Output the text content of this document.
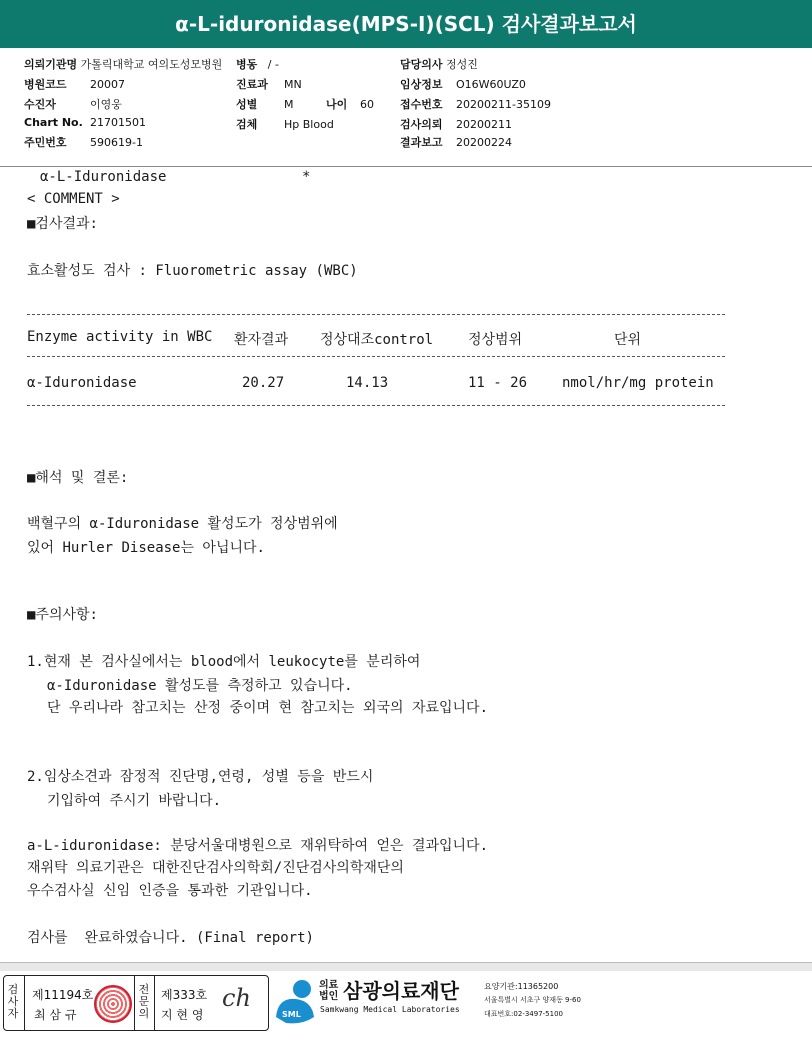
α-L-iduronidase(MPS-I)(SCL) 검사결과보고서
의뢰기관명 가톨릭대학교 여의도성모병원 병동 / -	담당의사 정성진
병원코드 20007	진료과 MN	임상정보 O16W60UZ0
수진자	이영웅	성별 M	나이 60 접수번호 20200211-35109
Chart No. 21701501	검체 Hp Blood	검사의뢰 20200211
주민번호 590619-1	결과보고 20200224
α-L-Iduronidase	*
< COMMENT >
■검사결과:
효소활성도 검사 : Fluorometric assay (WBC)
Enzyme activity in WBC 환자결과 정상대조control 정상범위	단위
α-Iduronidase	20.27	14.13	11 - 26 nmol/hr/mg protein
■해석 및 결론:
백혈구의 α-Iduronidase 활성도가 정상범위에
있어 Hurler Disease는 아닙니다.
■주의사항:
1.현재 본 검사실에서는 blood에서 leukocyte를 분리하여
α-Iduronidase 활성도를 측정하고 있습니다.
단 우리나라 참고치는 산정 중이며 현 참고치는 외국의 자료입니다.
2.임상소견과 잠정적 진단명,연령, 성별 등을 반드시
기입하여 주시기 바랍니다.
a-L-iduronidase: 분당서울대병원으로 재위탁하여 얻은 결과입니다.
재위탁 의료기관은 대한진단검사의학회/진단검사의학재단의
우수검사실 신임 인증을 통과한 기관입니다.
검사를  완료하였습니다. (Final report)
검
사
자
제11194호
최 삼 규
전
문
의
제333호
지 현 영
ch
SML
의료
법인 삼광의료재단
Samkwang Medical Laboratories
요양기관:11365200
서울특별시 서초구 양재동 9-60
대표번호:02-3497-5100
